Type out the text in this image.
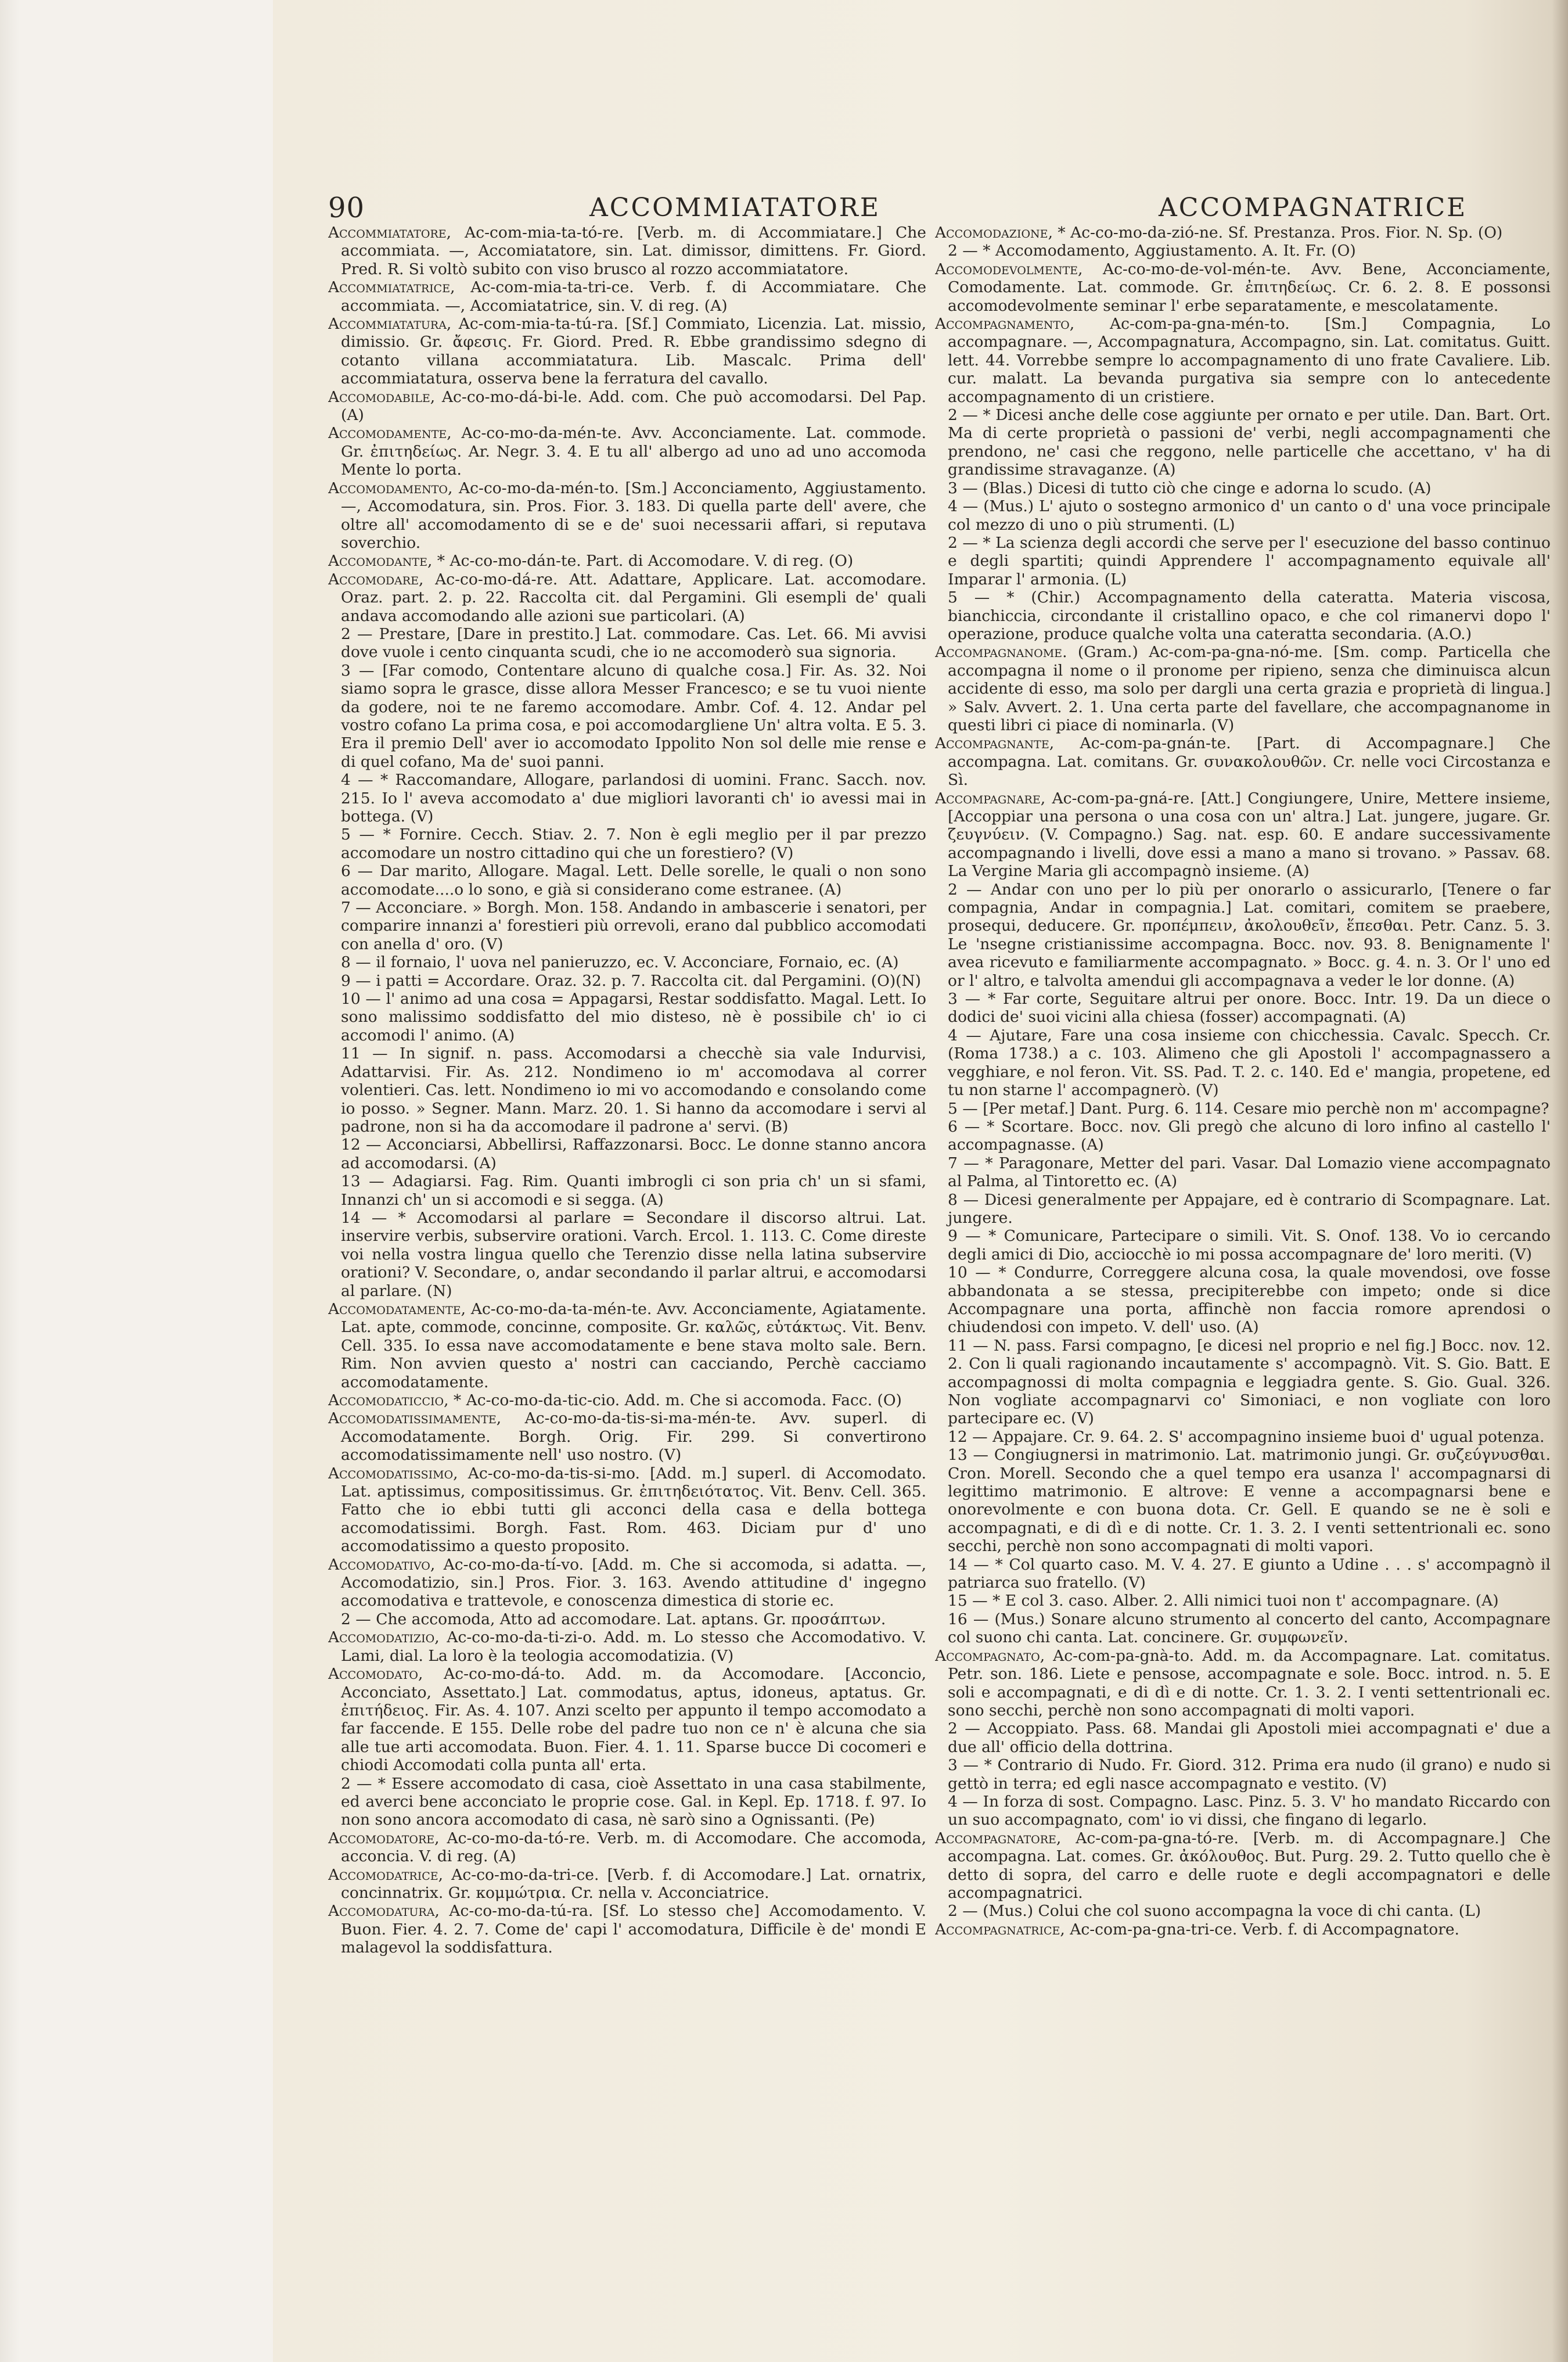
90	ACCOMMIATATORE	ACCOMPAGNATRICE

Accommiatatore, Ac-com-mia-ta-tó-re. [Verb. m. di Accommiatare.] Che accommiata. —, Accomiatatore, sin. Lat. dimissor, dimittens. Fr. Giord. Pred. R. Si voltò subito con viso brusco al rozzo accommiatatore.

Accommiatatrice, Ac-com-mia-ta-tri-ce. Verb. f. di Accommiatare. Che accommiata. —, Accomiatatrice, sin. V. di reg. (A)

Accommiatatura, Ac-com-mia-ta-tú-ra. [Sf.] Commiato, Licenzia. Lat. missio, dimissio. Gr. ἄφεσις. Fr. Giord. Pred. R. Ebbe grandissimo sdegno di cotanto villana accommiatatura. Lib. Mascalc. Prima dell' accommiatatura, osserva bene la ferratura del cavallo.

Accomodabile, Ac-co-mo-dá-bi-le. Add. com. Che può accomodarsi. Del Pap. (A)

Accomodamente, Ac-co-mo-da-mén-te. Avv. Acconciamente. Lat. commode. Gr. ἐπιτηδείως. Ar. Negr. 3. 4. E tu all' albergo ad uno ad uno accomoda Mente lo porta.

Accomodamento, Ac-co-mo-da-mén-to. [Sm.] Acconciamento, Aggiustamento. —, Accomodatura, sin. Pros. Fior. 3. 183. Di quella parte dell' avere, che oltre all' accomodamento di se e de' suoi necessarii affari, si reputava soverchio.

Accomodante, * Ac-co-mo-dán-te. Part. di Accomodare. V. di reg. (O)

Accomodare, Ac-co-mo-dá-re. Att. Adattare, Applicare. Lat. accomodare. Oraz. part. 2. p. 22. Raccolta cit. dal Pergamini. Gli esempli de' quali andava accomodando alle azioni sue particolari. (A)

2 — Prestare, [Dare in prestito.] Lat. commodare. Cas. Let. 66. Mi avvisi dove vuole i cento cinquanta scudi, che io ne accomoderò sua signoria.

3 — [Far comodo, Contentare alcuno di qualche cosa.] Fir. As. 32. Noi siamo sopra le grasce, disse allora Messer Francesco; e se tu vuoi niente da godere, noi te ne faremo accomodare. Ambr. Cof. 4. 12. Andar pel vostro cofano La prima cosa, e poi accomodargliene Un' altra volta. E 5. 3. Era il premio Dell' aver io accomodato Ippolito Non sol delle mie rense e di quel cofano, Ma de' suoi panni.

4 — * Raccomandare, Allogare, parlandosi di uomini. Franc. Sacch. nov. 215. Io l' aveva accomodato a' due migliori lavoranti ch' io avessi mai in bottega. (V)

5 — * Fornire. Cecch. Stiav. 2. 7. Non è egli meglio per il par prezzo accomodare un nostro cittadino qui che un forestiero? (V)

6 — Dar marito, Allogare. Magal. Lett. Delle sorelle, le quali o non sono accomodate....o lo sono, e già si considerano come estranee. (A)

7 — Acconciare. » Borgh. Mon. 158. Andando in ambascerie i senatori, per comparire innanzi a' forestieri più orrevoli, erano dal pubblico accomodati con anella d' oro. (V)

8 — il fornaio, l' uova nel panieruzzo, ec. V. Acconciare, Fornaio, ec. (A)

9 — i patti = Accordare. Oraz. 32. p. 7. Raccolta cit. dal Pergamini. (O)(N)

10 — l' animo ad una cosa = Appagarsi, Restar soddisfatto. Magal. Lett. Io sono malissimo soddisfatto del mio disteso, nè è possibile ch' io ci accomodi l' animo. (A)

11 — In signif. n. pass. Accomodarsi a checchè sia vale Indurvisi, Adattarvisi. Fir. As. 212. Nondimeno io m' accomodava al correr volentieri. Cas. lett. Nondimeno io mi vo accomodando e consolando come io posso. » Segner. Mann. Marz. 20. 1. Si hanno da accomodare i servi al padrone, non si ha da accomodare il padrone a' servi. (B)

12 — Acconciarsi, Abbellirsi, Raffazzonarsi. Bocc. Le donne stanno ancora ad accomodarsi. (A)

13 — Adagiarsi. Fag. Rim. Quanti imbrogli ci son pria ch' un si sfami, Innanzi ch' un si accomodi e si segga. (A)

14 — * Accomodarsi al parlare = Secondare il discorso altrui. Lat. inservire verbis, subservire orationi. Varch. Ercol. 1. 113. C. Come direste voi nella vostra lingua quello che Terenzio disse nella latina subservire orationi? V. Secondare, o, andar secondando il parlar altrui, e accomodarsi al parlare. (N)

Accomodatamente, Ac-co-mo-da-ta-mén-te. Avv. Acconciamente, Agiatamente. Lat. apte, commode, concinne, composite. Gr. καλῶς, εὐτάκτως. Vit. Benv. Cell. 335. Io essa nave accomodatamente e bene stava molto sale. Bern. Rim. Non avvien questo a' nostri can cacciando, Perchè cacciamo accomodatamente.

Accomodaticcio, * Ac-co-mo-da-tic-cio. Add. m. Che si accomoda. Facc. (O)

Accomodatissimamente, Ac-co-mo-da-tis-si-ma-mén-te. Avv. superl. di Accomodatamente. Borgh. Orig. Fir. 299. Si convertirono accomodatissimamente nell' uso nostro. (V)

Accomodatissimo, Ac-co-mo-da-tis-si-mo. [Add. m.] superl. di Accomodato. Lat. aptissimus, compositissimus. Gr. ἐπιτηδειότατος. Vit. Benv. Cell. 365. Fatto che io ebbi tutti gli acconci della casa e della bottega accomodatissimi. Borgh. Fast. Rom. 463. Diciam pur d' uno accomodatissimo a questo proposito.

Accomodativo, Ac-co-mo-da-tí-vo. [Add. m. Che si accomoda, si adatta. —, Accomodatizio, sin.] Pros. Fior. 3. 163. Avendo attitudine d' ingegno accomodativa e trattevole, e conoscenza dimestica di storie ec.

2 — Che accomoda, Atto ad accomodare. Lat. aptans. Gr. προσάπτων.

Accomodatizio, Ac-co-mo-da-ti-zi-o. Add. m. Lo stesso che Accomodativo. V. Lami, dial. La loro è la teologia accomodatizia. (V)

Accomodato, Ac-co-mo-dá-to. Add. m. da Accomodare. [Acconcio, Acconciato, Assettato.] Lat. commodatus, aptus, idoneus, aptatus. Gr. ἐπιτήδειος. Fir. As. 4. 107. Anzi scelto per appunto il tempo accomodato a far faccende. E 155. Delle robe del padre tuo non ce n' è alcuna che sia alle tue arti accomodata. Buon. Fier. 4. 1. 11. Sparse bucce Di cocomeri e chiodi Accomodati colla punta all' erta.

2 — * Essere accomodato di casa, cioè Assettato in una casa stabilmente, ed averci bene acconciato le proprie cose. Gal. in Kepl. Ep. 1718. f. 97. Io non sono ancora accomodato di casa, nè sarò sino a Ognissanti. (Pe)

Accomodatore, Ac-co-mo-da-tó-re. Verb. m. di Accomodare. Che accomoda, acconcia. V. di reg. (A)

Accomodatrice, Ac-co-mo-da-tri-ce. [Verb. f. di Accomodare.] Lat. ornatrix, concinnatrix. Gr. κομμώτρια. Cr. nella v. Acconciatrice.

Accomodatura, Ac-co-mo-da-tú-ra. [Sf. Lo stesso che] Accomodamento. V. Buon. Fier. 4. 2. 7. Come de' capi l' accomodatura, Difficile è de' mondi E malagevol la soddisfattura.

Accomodazione, * Ac-co-mo-da-zió-ne. Sf. Prestanza. Pros. Fior. N. Sp. (O)

2 — * Accomodamento, Aggiustamento. A. It. Fr. (O)

Accomodevolmente, Ac-co-mo-de-vol-mén-te. Avv. Bene, Acconciamente, Comodamente. Lat. commode. Gr. ἐπιτηδείως. Cr. 6. 2. 8. E possonsi accomodevolmente seminar l' erbe separatamente, e mescolatamente.

Accompagnamento, Ac-com-pa-gna-mén-to. [Sm.] Compagnia, Lo accompagnare. —, Accompagnatura, Accompagno, sin. Lat. comitatus. Guitt. lett. 44. Vorrebbe sempre lo accompagnamento di uno frate Cavaliere. Lib. cur. malatt. La bevanda purgativa sia sempre con lo antecedente accompagnamento di un cristiere.

2 — * Dicesi anche delle cose aggiunte per ornato e per utile. Dan. Bart. Ort. Ma di certe proprietà o passioni de' verbi, negli accompagnamenti che prendono, ne' casi che reggono, nelle particelle che accettano, v' ha di grandissime stravaganze. (A)

3 — (Blas.) Dicesi di tutto ciò che cinge e adorna lo scudo. (A)

4 — (Mus.) L' ajuto o sostegno armonico d' un canto o d' una voce principale col mezzo di uno o più strumenti. (L)

2 — * La scienza degli accordi che serve per l' esecuzione del basso continuo e degli spartiti; quindi Apprendere l' accompagnamento equivale all' Imparar l' armonia. (L)

5 — * (Chir.) Accompagnamento della cateratta. Materia viscosa, bianchiccia, circondante il cristallino opaco, e che col rimanervi dopo l' operazione, produce qualche volta una cateratta secondaria. (A.O.)

Accompagnanome. (Gram.) Ac-com-pa-gna-nó-me. [Sm. comp. Particella che accompagna il nome o il pronome per ripieno, senza che diminuisca alcun accidente di esso, ma solo per dargli una certa grazia e proprietà di lingua.] » Salv. Avvert. 2. 1. Una certa parte del favellare, che accompagnanome in questi libri ci piace di nominarla. (V)

Accompagnante, Ac-com-pa-gnán-te. [Part. di Accompagnare.] Che accompagna. Lat. comitans. Gr. συνακολουθῶν. Cr. nelle voci Circostanza e Sì.

Accompagnare, Ac-com-pa-gná-re. [Att.] Congiungere, Unire, Mettere insieme, [Accoppiar una persona o una cosa con un' altra.] Lat. jungere, jugare. Gr. ζευγνύειν. (V. Compagno.) Sag. nat. esp. 60. E andare successivamente accompagnando i livelli, dove essi a mano a mano si trovano. » Passav. 68. La Vergine Maria gli accompagnò insieme. (A)

2 — Andar con uno per lo più per onorarlo o assicurarlo, [Tenere o far compagnia, Andar in compagnia.] Lat. comitari, comitem se praebere, prosequi, deducere. Gr. προπέμπειν, ἀκολουθεῖν, ἕπεσθαι. Petr. Canz. 5. 3. Le 'nsegne cristianissime accompagna. Bocc. nov. 93. 8. Benignamente l' avea ricevuto e familiarmente accompagnato. » Bocc. g. 4. n. 3. Or l' uno ed or l' altro, e talvolta amendui gli accompagnava a veder le lor donne. (A)

3 — * Far corte, Seguitare altrui per onore. Bocc. Intr. 19. Da un diece o dodici de' suoi vicini alla chiesa (fosser) accompagnati. (A)

4 — Ajutare, Fare una cosa insieme con chicchessia. Cavalc. Specch. Cr. (Roma 1738.) a c. 103. Alimeno che gli Apostoli l' accompagnassero a vegghiare, e nol feron. Vit. SS. Pad. T. 2. c. 140. Ed e' mangia, propetene, ed tu non starne l' accompagnerò. (V)

5 — [Per metaf.] Dant. Purg. 6. 114. Cesare mio perchè non m' accompagne?

6 — * Scortare. Bocc. nov. Gli pregò che alcuno di loro infino al castello l' accompagnasse. (A)

7 — * Paragonare, Metter del pari. Vasar. Dal Lomazio viene accompagnato al Palma, al Tintoretto ec. (A)

8 — Dicesi generalmente per Appajare, ed è contrario di Scompagnare. Lat. jungere.

9 — * Comunicare, Partecipare o simili. Vit. S. Onof. 138. Vo io cercando degli amici di Dio, acciocchè io mi possa accompagnare de' loro meriti. (V)

10 — * Condurre, Correggere alcuna cosa, la quale movendosi, ove fosse abbandonata a se stessa, precipiterebbe con impeto; onde si dice Accompagnare una porta, affinchè non faccia romore aprendosi o chiudendosi con impeto. V. dell' uso. (A)

11 — N. pass. Farsi compagno, [e dicesi nel proprio e nel fig.] Bocc. nov. 12. 2. Con li quali ragionando incautamente s' accompagnò. Vit. S. Gio. Batt. E accompagnossi di molta compagnia e leggiadra gente. S. Gio. Gual. 326. Non vogliate accompagnarvi co' Simoniaci, e non vogliate con loro partecipare ec. (V)

12 — Appajare. Cr. 9. 64. 2. S' accompagnino insieme buoi d' ugual potenza.

13 — Congiugnersi in matrimonio. Lat. matrimonio jungi. Gr. συζεύγνυσθαι. Cron. Morell. Secondo che a quel tempo era usanza l' accompagnarsi di legittimo matrimonio. E altrove: E venne a accompagnarsi bene e onorevolmente e con buona dota. Cr. Gell. E quando se ne è soli e accompagnati, e di dì e di notte. Cr. 1. 3. 2. I venti settentrionali ec. sono secchi, perchè non sono accompagnati di molti vapori.

14 — * Col quarto caso. M. V. 4. 27. E giunto a Udine . . . s' accompagnò il patriarca suo fratello. (V)

15 — * E col 3. caso. Alber. 2. Alli nimici tuoi non t' accompagnare. (A)

16 — (Mus.) Sonare alcuno strumento al concerto del canto, Accompagnare col suono chi canta. Lat. concinere. Gr. συμφωνεῖν.

Accompagnato, Ac-com-pa-gnà-to. Add. m. da Accompagnare. Lat. comitatus. Petr. son. 186. Liete e pensose, accompagnate e sole. Bocc. introd. n. 5. E soli e accompagnati, e di dì e di notte. Cr. 1. 3. 2. I venti settentrionali ec. sono secchi, perchè non sono accompagnati di molti vapori.

2 — Accoppiato. Pass. 68. Mandai gli Apostoli miei accompagnati e' due a due all' officio della dottrina.

3 — * Contrario di Nudo. Fr. Giord. 312. Prima era nudo (il grano) e nudo si gettò in terra; ed egli nasce accompagnato e vestito. (V)

4 — In forza di sost. Compagno. Lasc. Pinz. 5. 3. V' ho mandato Riccardo con un suo accompagnato, com' io vi dissi, che fingano di legarlo.

Accompagnatore, Ac-com-pa-gna-tó-re. [Verb. m. di Accompagnare.] Che accompagna. Lat. comes. Gr. ἀκόλουθος. But. Purg. 29. 2. Tutto quello che è detto di sopra, del carro e delle ruote e degli accompagnatori e delle accompagnatrici.

2 — (Mus.) Colui che col suono accompagna la voce di chi canta. (L)

Accompagnatrice, Ac-com-pa-gna-tri-ce. Verb. f. di Accompagnatore.
